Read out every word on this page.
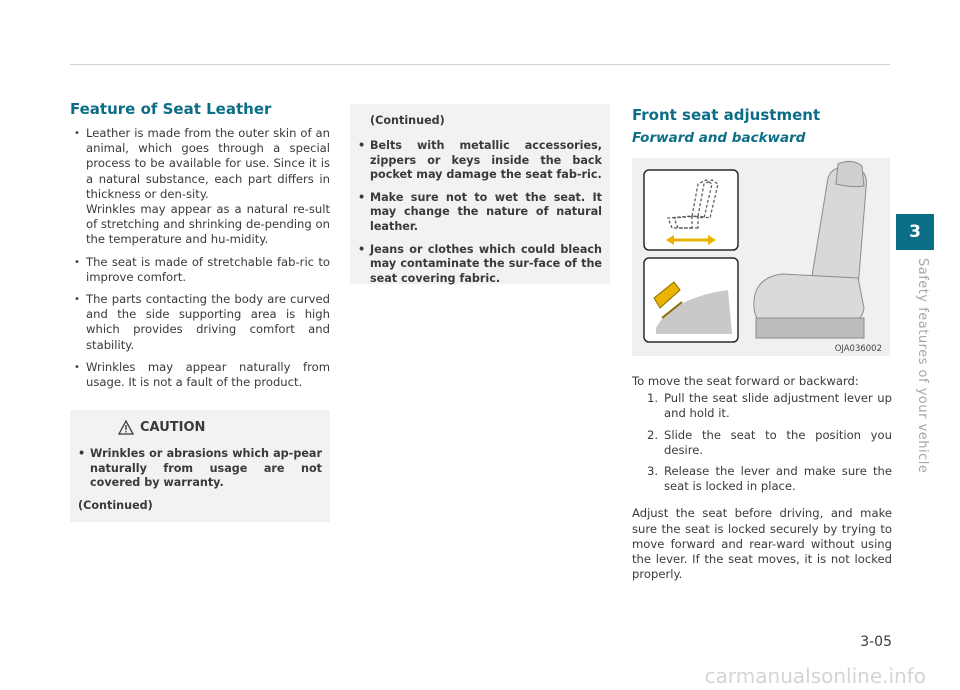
Feature of Seat Leather
• Leather is made from the outer skin of an animal, which goes through a special process to be available for use. Since it is a natural substance, each part differs in thickness or den-sity.
Wrinkles may appear as a natural re-sult of stretching and shrinking de-pending on the temperature and hu-midity.
• The seat is made of stretchable fab-ric to improve comfort.
• The parts contacting the body are curved and the side supporting area is high which provides driving comfort and stability.
• Wrinkles may appear naturally from usage. It is not a fault of the product.
CAUTION
• Wrinkles or abrasions which ap-pear naturally from usage are not covered by warranty.
(Continued)
(Continued)
• Belts with metallic accessories, zippers or keys inside the back pocket may damage the seat fab-ric.
• Make sure not to wet the seat. It may change the nature of natural leather.
• Jeans or clothes which could bleach may contaminate the sur-face of the seat covering fabric.
Front seat adjustment
Forward and backward
OJA036002
To move the seat forward or backward:
1. Pull the seat slide adjustment lever up and hold it.
2. Slide the seat to the position you desire.
3. Release the lever and make sure the seat is locked in place.
Adjust the seat before driving, and make sure the seat is locked securely by trying to move forward and rear-ward without using the lever. If the seat moves, it is not locked properly.
3
Safety features of your vehicle
3-05
carmanualsonline.info
